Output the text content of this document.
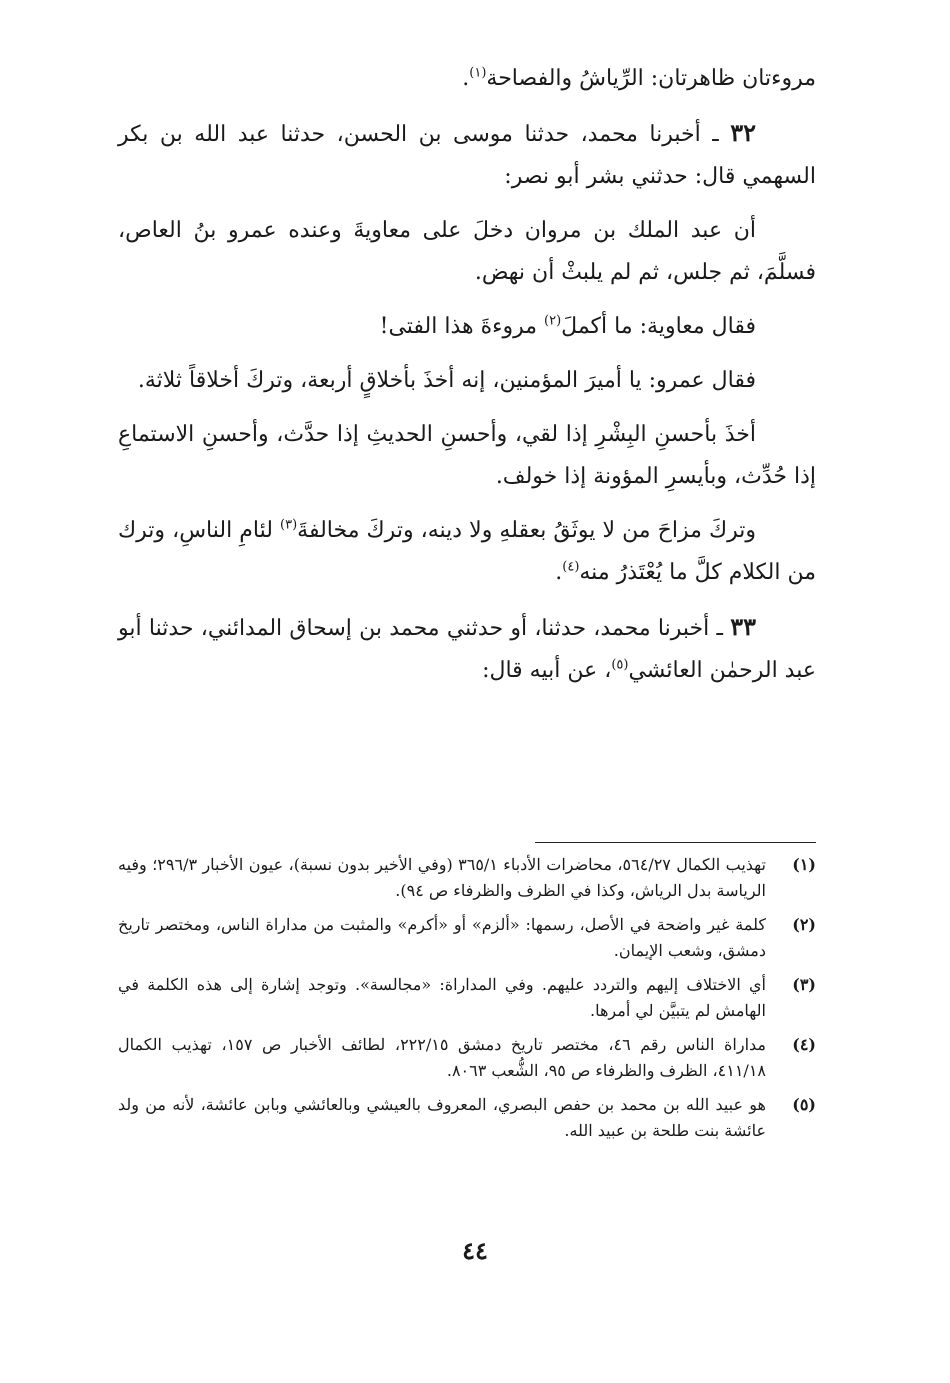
مروءتان ظاهرتان: الرِّياشُ والفصاحة$^{(١)}$.

٣٢ ـ أخبرنا محمد، حدثنا موسى بن الحسن، حدثنا عبد الله بن بكر السهمي قال: حدثني بشر أبو نصر:

أن عبد الملك بن مروان دخلَ على معاويةَ وعنده عمرو بنُ العاص، فسلَّمَ، ثم جلس، ثم لم يلبثْ أن نهض.

فقال معاوية: ما أكملَ$^{(٢)}$ مروءةَ هذا الفتى!

فقال عمرو: يا أميرَ المؤمنين، إنه أخذَ بأخلاقٍ أربعة، وتركَ أخلاقاً ثلاثة.

أخذَ بأحسنِ البِشْرِ إذا لقي، وأحسنِ الحديثِ إذا حدَّث، وأحسنِ الاستماعِ إذا حُدِّث، وبأيسرِ المؤونة إذا خولف.

وتركَ مزاحَ من لا يوثَقُ بعقلهِ ولا دينه، وتركَ مخالفةَ$^{(٣)}$ لئامِ الناسِ، وترك من الكلام كلَّ ما يُعْتَذرُ منه$^{(٤)}$.

٣٣ ـ أخبرنا محمد، حدثنا، أو حدثني محمد بن إسحاق المدائني، حدثنا أبو عبد الرحمٰن العائشي$^{(٥)}$، عن أبيه قال:

(١)
تهذيب الكمال ٥٦٤/٢٧، محاضرات الأدباء ٣٦٥/١ (وفي الأخير بدون نسبة)، عيون الأخبار ٢٩٦/٣؛ وفيه الرياسة بدل الرياش، وكذا في الظرف والظرفاء ص ٩٤).
(٢)
كلمة غير واضحة في الأصل، رسمها: «ألزم» أو «أكرم» والمثبت من مداراة الناس، ومختصر تاريخ دمشق، وشعب الإيمان.
(٣)
أي الاختلاف إليهم والتردد عليهم. وفي المداراة: «مجالسة». وتوجد إشارة إلى هذه الكلمة في الهامش لم يتبيَّن لي أمرها.
(٤)
مداراة الناس رقم ٤٦، مختصر تاريخ دمشق ٢٢٢/١٥، لطائف الأخبار ص ١٥٧، تهذيب الكمال ٤١١/١٨، الظرف والظرفاء ص ٩٥، الشُّعب ٨٠٦٣.
(٥)
هو عبيد الله بن محمد بن حفص البصري، المعروف بالعيشي وبالعائشي وبابن عائشة، لأنه من ولد عائشة بنت طلحة بن عبيد الله.
٤٤
